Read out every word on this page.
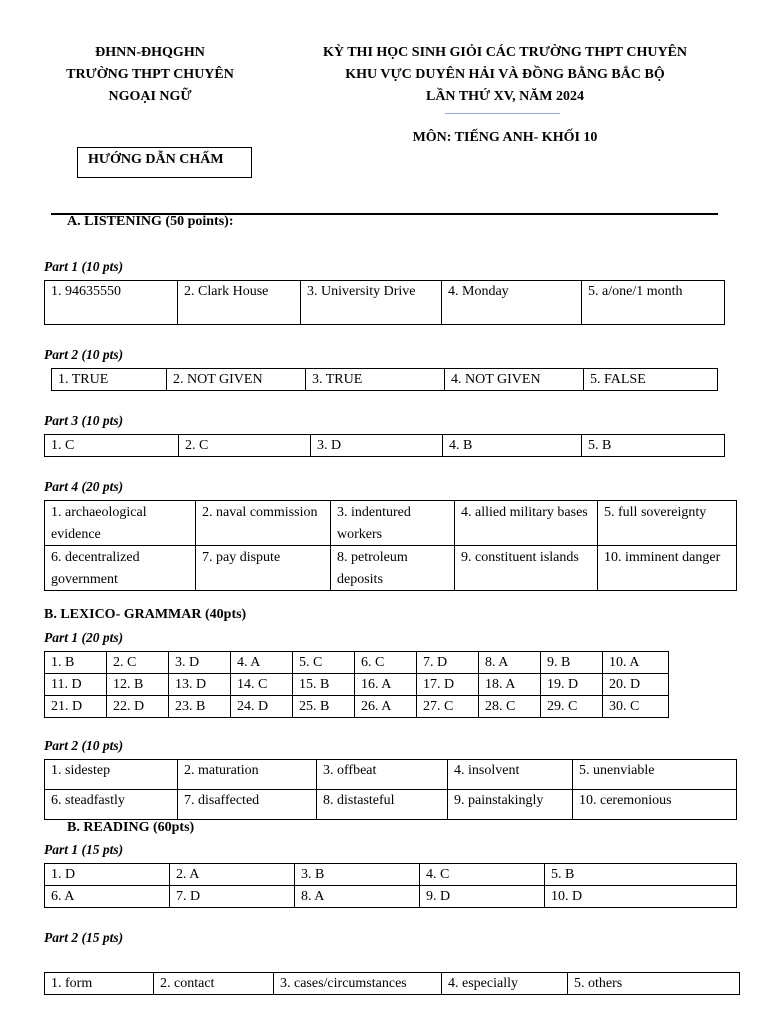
ĐHNN-ĐHQGHN
TRƯỜNG THPT CHUYÊN
NGOẠI NGỮ
KỲ THI HỌC SINH GIỎI CÁC TRƯỜNG THPT CHUYÊN
KHU VỰC DUYÊN HẢI VÀ ĐỒNG BẰNG BẮC BỘ
LẦN THỨ XV, NĂM 2024
MÔN: TIẾNG ANH- KHỐI 10
HƯỚNG DẪN CHẤM
A. LISTENING (50 points):
Part 1 (10 pts)
1. 94635550	2. Clark House	3. University Drive	4. Monday	5. a/one/1 month
Part 2 (10 pts)
1. TRUE	2. NOT GIVEN	3. TRUE	4. NOT GIVEN	5. FALSE
Part 3 (10 pts)
1. C	2. C	3. D	4. B	5. B
Part 4 (20 pts)
1. archaeological evidence	2. naval commission	3. indentured workers	4. allied military bases	5. full sovereignty
6. decentralized government	7. pay dispute	8. petroleum deposits	9. constituent islands	10. imminent danger
B. LEXICO- GRAMMAR (40pts)
Part 1 (20 pts)
1. B	2. C	3. D	4. A	5. C	6. C	7. D	8. A	9. B	10. A
11. D	12. B	13. D	14. C	15. B	16. A	17. D	18. A	19. D	20. D
21. D	22. D	23. B	24. D	25. B	26. A	27. C	28. C	29. C	30. C
Part 2 (10 pts)
1. sidestep	2. maturation	3. offbeat	4. insolvent	5. unenviable
6. steadfastly	7. disaffected	8. distasteful	9. painstakingly	10. ceremonious
B. READING (60pts)
Part 1 (15 pts)
1. D	2. A	3. B	4. C	5. B
6. A	7. D	8. A	9. D	10. D
Part 2 (15 pts)
1. form	2. contact	3. cases/circumstances	4. especially	5. others
